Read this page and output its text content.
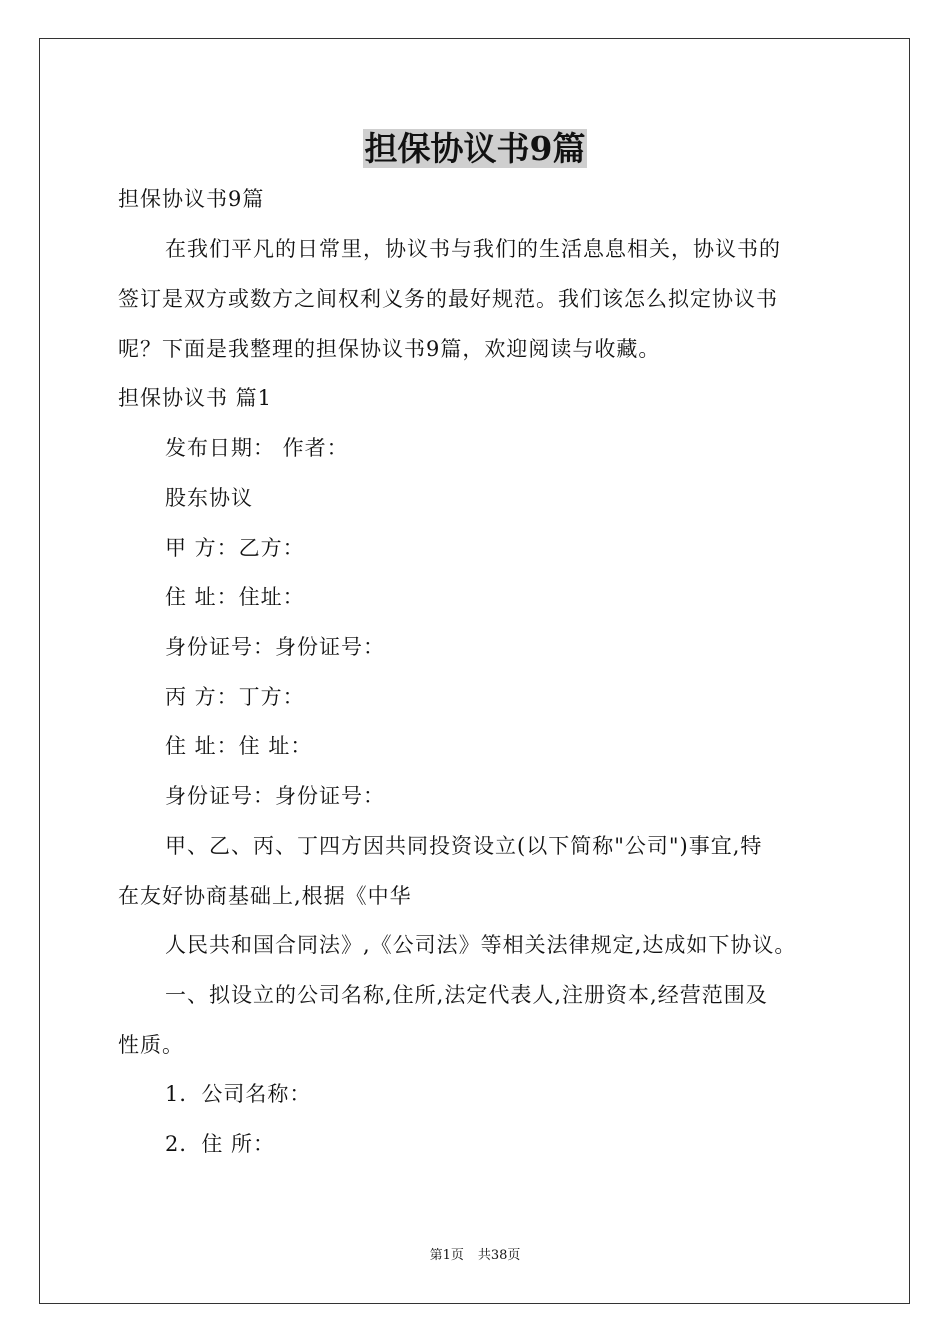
担保协议书9篇
担保协议书9篇
在我们平凡的日常里，协议书与我们的生活息息相关，协议书的
签订是双方或数方之间权利义务的最好规范。我们该怎么拟定协议书
呢？下面是我整理的担保协议书9篇，欢迎阅读与收藏。
担保协议书 篇1
发布日期： 作者：
股东协议
甲 方：乙方：
住 址：住址：
身份证号：身份证号：
丙 方：丁方：
住 址：住 址：
身份证号：身份证号：
甲、乙、丙、丁四方因共同投资设立(以下简称"公司")事宜,特
在友好协商基础上,根据《中华
人民共和国合同法》,《公司法》等相关法律规定,达成如下协议。
一、拟设立的公司名称,住所,法定代表人,注册资本,经营范围及
性质。
1．公司名称：
2．住 所：
第1页 共38页
